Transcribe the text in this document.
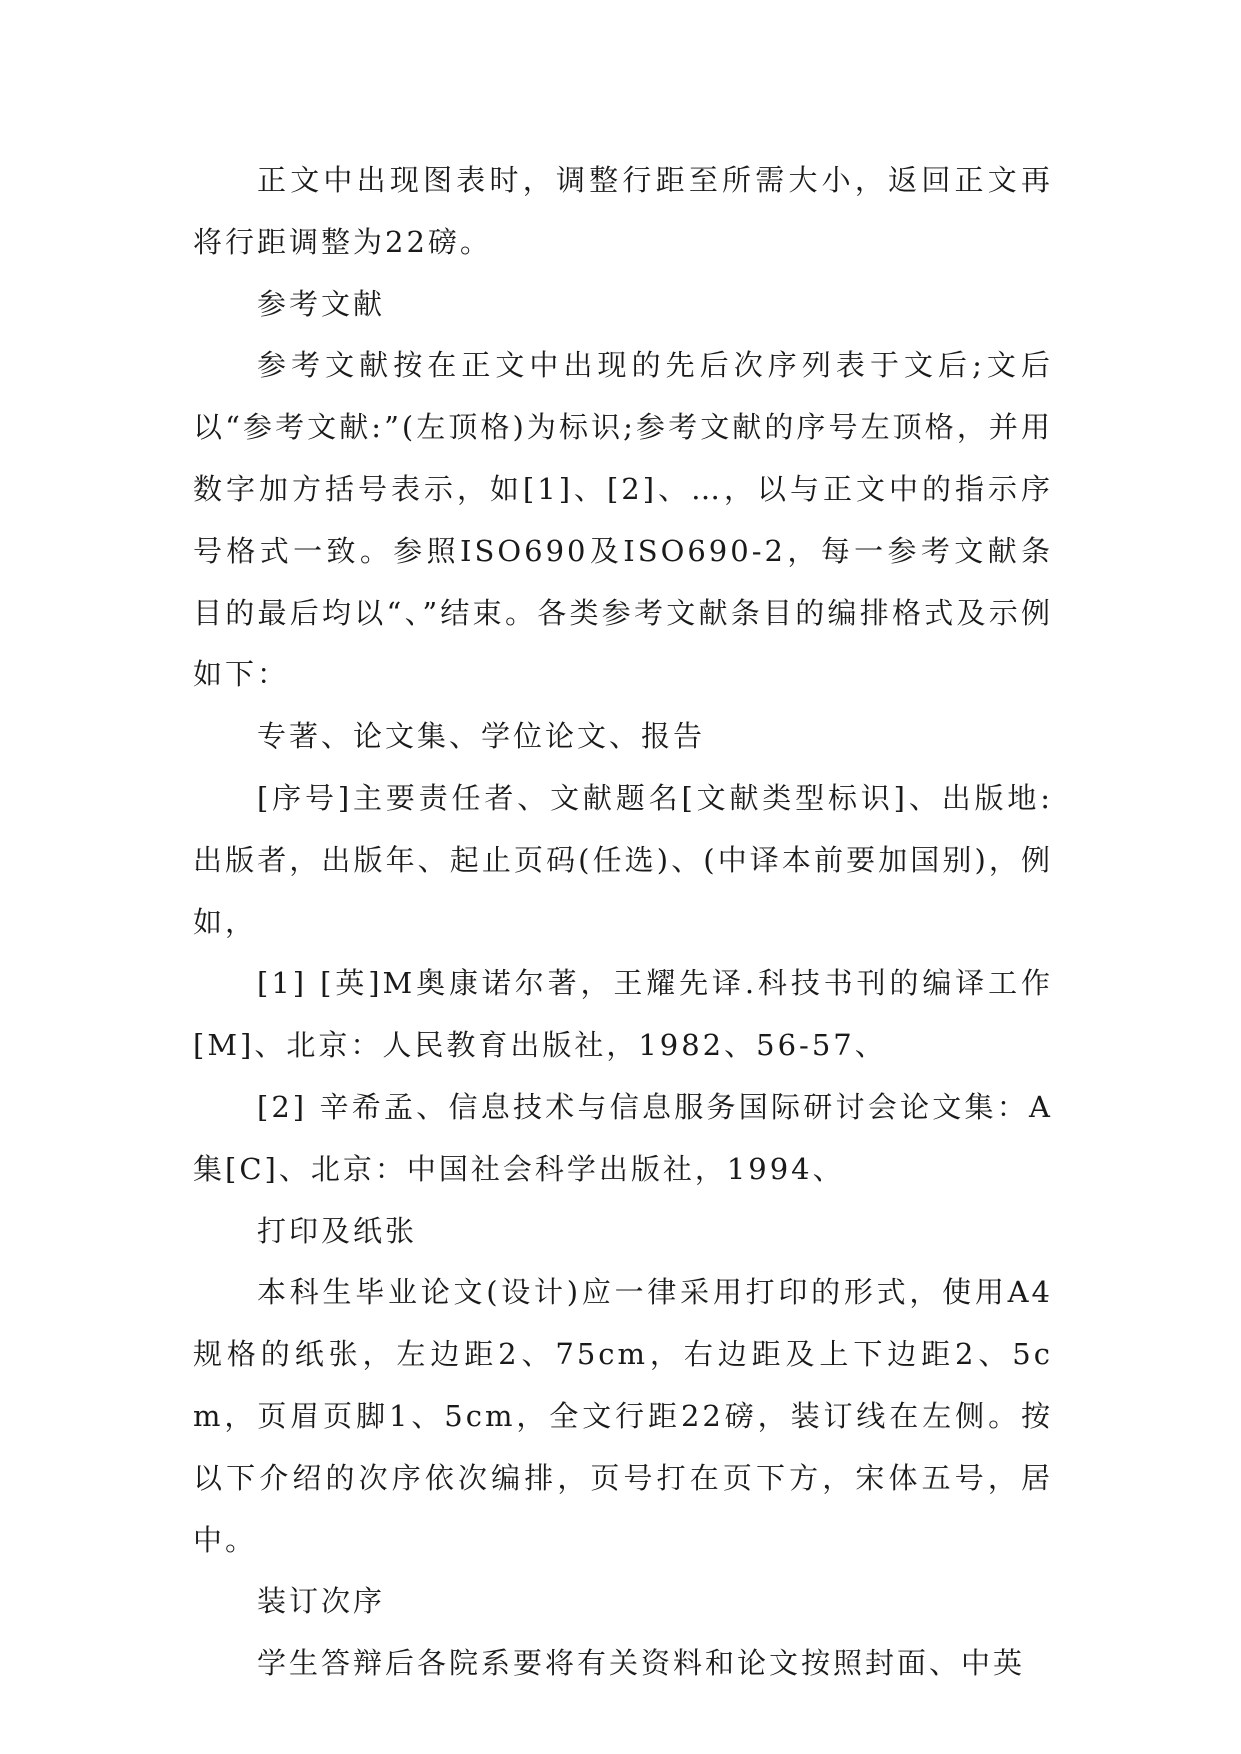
正文中出现图表时，调整行距至所需大小，返回正文再将行距调整为22磅。

参考文献

参考文献按在正文中出现的先后次序列表于文后;文后以“参考文献:”(左顶格)为标识;参考文献的序号左顶格，并用数字加方括号表示，如[1]、[2]、…，以与正文中的指示序号格式一致。参照ISO690及ISO690-2，每一参考文献条目的最后均以“、”结束。各类参考文献条目的编排格式及示例如下：

专著、论文集、学位论文、报告

[序号]主要责任者、文献题名[文献类型标识]、出版地:出版者，出版年、起止页码(任选)、(中译本前要加国别)，例如，

[1] [英]M奥康诺尔著，王耀先译.科技书刊的编译工作[M]、北京：人民教育出版社，1982、56-57、

[2] 辛希孟、信息技术与信息服务国际研讨会论文集：A集[C]、北京：中国社会科学出版社，1994、

打印及纸张

本科生毕业论文(设计)应一律采用打印的形式，使用A4规格的纸张，左边距2、75cm，右边距及上下边距2、5cm，页眉页脚1、5cm，全文行距22磅，装订线在左侧。按以下介绍的次序依次编排，页号打在页下方，宋体五号，居中。

装订次序

学生答辩后各院系要将有关资料和论文按照封面、中英
